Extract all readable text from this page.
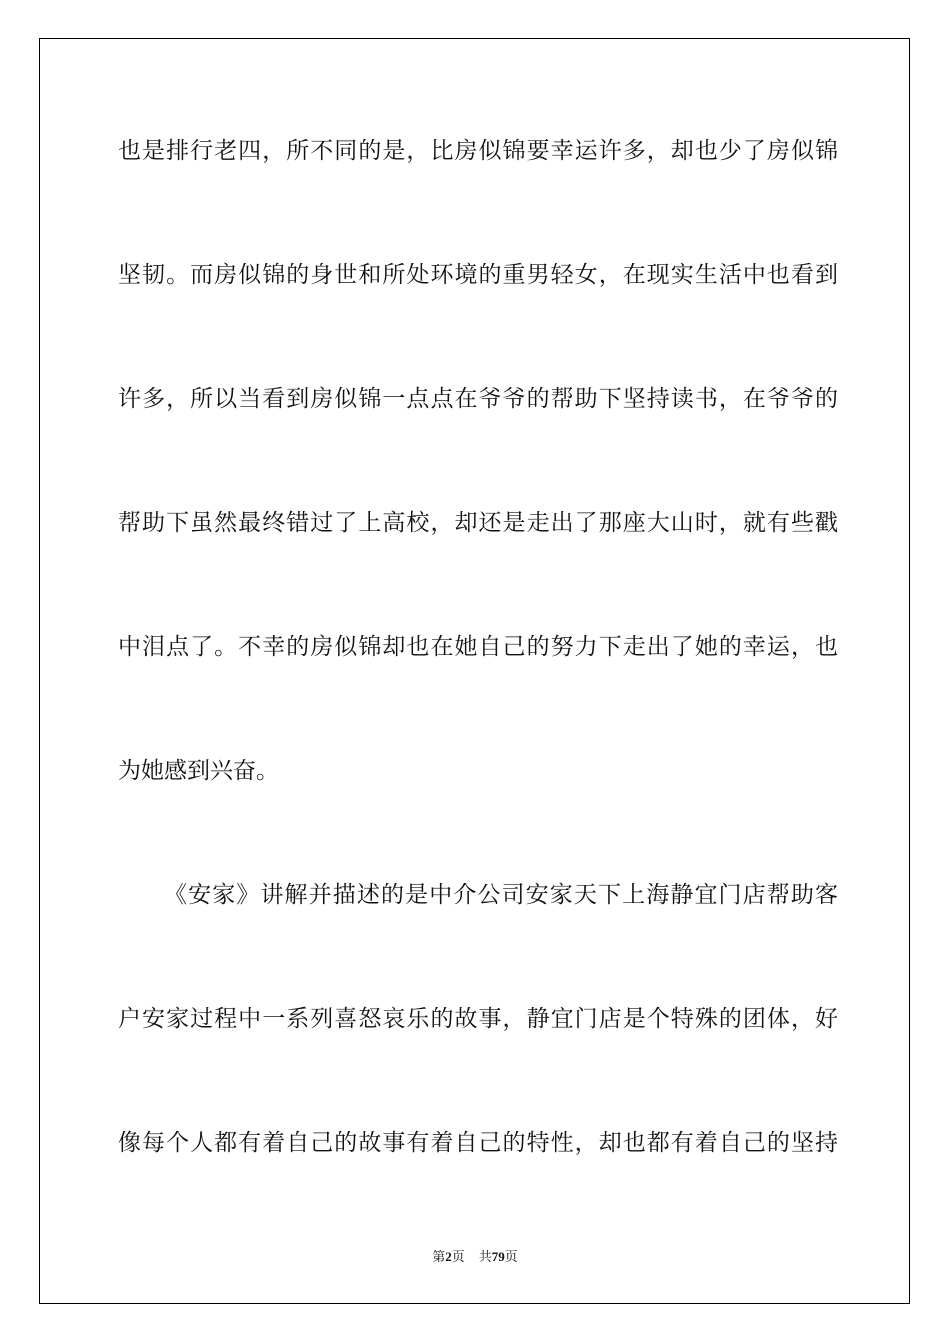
也是排行老四，所不同的是，比房似锦要幸运许多，却也少了房似锦
坚韧。而房似锦的身世和所处环境的重男轻女，在现实生活中也看到
许多，所以当看到房似锦一点点在爷爷的帮助下坚持读书，在爷爷的
帮助下虽然最终错过了上高校，却还是走出了那座大山时，就有些戳
中泪点了。不幸的房似锦却也在她自己的努力下走出了她的幸运，也
为她感到兴奋。
《安家》讲解并描述的是中介公司安家天下上海静宜门店帮助客
户安家过程中一系列喜怒哀乐的故事，静宜门店是个特殊的团体，好
像每个人都有着自己的故事有着自己的特性，却也都有着自己的坚持
第2页 共79页
